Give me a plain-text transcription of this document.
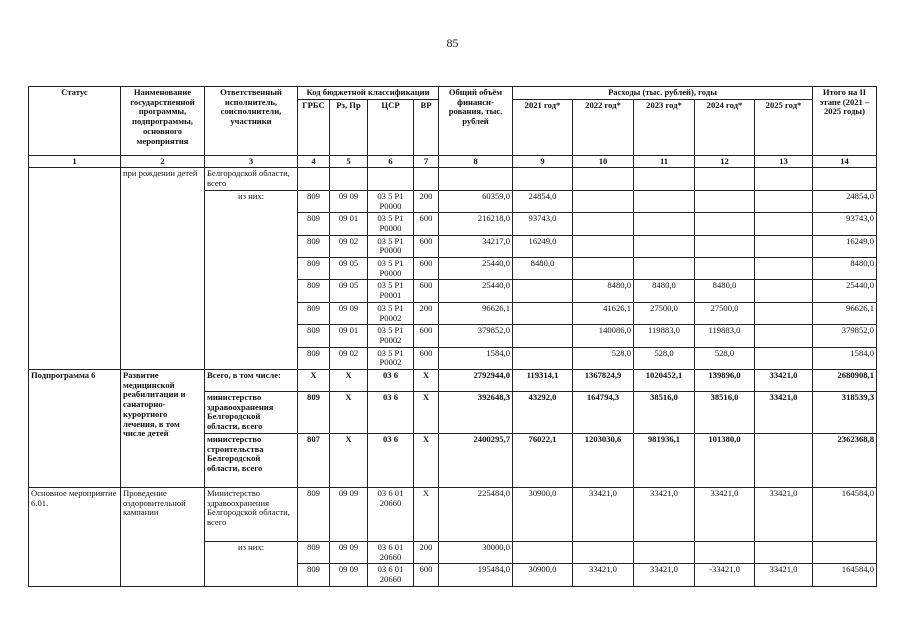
85
Статус	Наименование государственной программы, подпрограммы, основного мероприятия	Ответственный исполнитель, соисполнители, участники	Код бюджетной классификации				Общий объём финанси-рования, тыс. рублей	Расходы (тыс. рублей), годы					Итого на II этапе (2021 – 2025 годы)
			ГРБС	Рз, Пр	ЦСР	ВР		2021 год*	2022 год*	2023 год*	2024 год*	2025 год*	
1	2	3	4	5	6	7	8	9	10	11	12	13	14
	при рождении детей	Белгородской области, всего											
		из них:	809	09 09	03 5 Р1 Р0000	200	60359,0	24854,0					24854,0
			809	09 01	03 5 Р1 Р0000	600	216218,0	93743,0					93743,0
			809	09 02	03 5 Р1 Р0000	600	34217,0	16249,0					16249,0
			809	09 05	03 5 Р1 Р0000	600	25440,0	8480,0					8480,0
			809	09 05	03 5 Р1 Р0001	600	25440,0		8480,0	8480,0	8480,0		25440,0
			809	09 09	03 5 Р1 Р0002	200	96626,1		41626,1	27500,0	27500,0		96626,1
			809	09 01	03 5 Р1 Р0002	600	379852,0		140086,0	119883,0	119883,0		379852,0
			809	09 02	03 5 Р1 Р0002	600	1584,0		528,0	528,0	528,0		1584,0

Подпрограмма 6	Развитие медицинской реабилитации и санаторно-курортного лечения, в том числе детей	Всего, в том числе:	Х	Х	03 6	Х	2792944,0	119314,1	1367824,9	1020452,1	139896,0	33421,0	2680908,1
		министерство здравоохранения Белгородской области, всего	809	Х	03 6	Х	392648,3	43292,0	164794,3	38516,0	38516,0	33421,0	318539,3
		министерство строительства Белгородской области, всего	807	Х	03 6	Х	2400295,7	76022,1	1203030,6	981936,1	101380,0		2362368,8
Основное мероприятие 6.01.	Проведение оздоровительной кампании	Министерство здравоохранения Белгородской области, всего	809	09 09	03 6 01 20660	Х	225484,0	30900,0	33421,0	33421,0	33421,0	33421,0	164584,0
		из них:	809	09 09	03 6 01 20660	200	30000,0						
			809	09 09	03 6 01 20660	600	195484,0	30900,0	33421,0	33421,0	-33421,0	33421,0	164584,0
